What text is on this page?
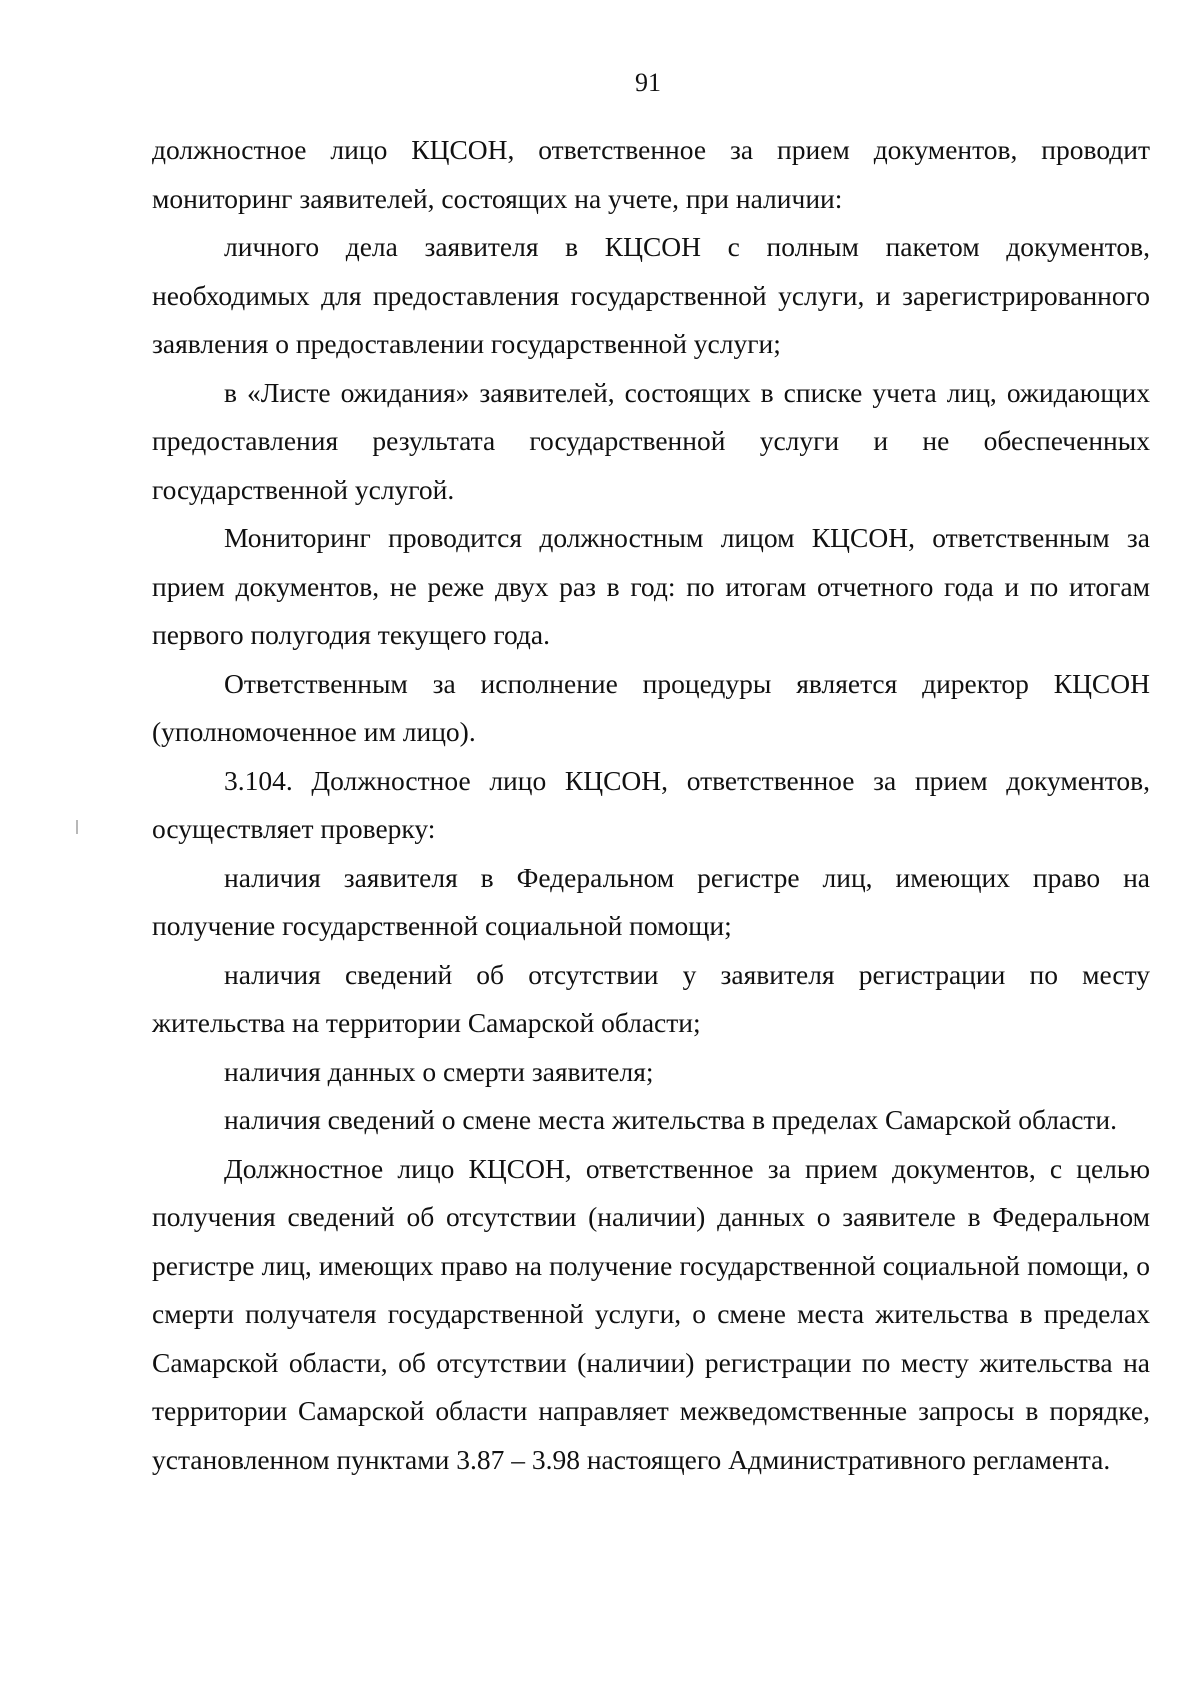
91

должностное лицо КЦСОН, ответственное за прием документов, проводит мониторинг заявителей, состоящих на учете, при наличии:

личного дела заявителя в КЦСОН с полным пакетом документов, необходимых для предоставления государственной услуги, и зарегистрированного заявления о предоставлении государственной услуги;

в «Листе ожидания» заявителей, состоящих в списке учета лиц, ожидающих предоставления результата государственной услуги и не обеспеченных государственной услугой.

Мониторинг проводится должностным лицом КЦСОН, ответственным за прием документов, не реже двух раз в год: по итогам отчетного года и по итогам первого полугодия текущего года.

Ответственным за исполнение процедуры является директор КЦСОН (уполномоченное им лицо).

3.104. Должностное лицо КЦСОН, ответственное за прием документов, осуществляет проверку:

наличия заявителя в Федеральном регистре лиц, имеющих право на получение государственной социальной помощи;

наличия сведений об отсутствии у заявителя регистрации по месту жительства на территории Самарской области;

наличия данных о смерти заявителя;

наличия сведений о смене места жительства в пределах Самарской области.

Должностное лицо КЦСОН, ответственное за прием документов, с целью получения сведений об отсутствии (наличии) данных о заявителе в Федеральном регистре лиц, имеющих право на получение государственной социальной помощи, о смерти получателя государственной услуги, о смене места жительства в пределах Самарской области, об отсутствии (наличии) регистрации по месту жительства на территории Самарской области направляет межведомственные запросы в порядке, установленном пунктами 3.87 – 3.98 настоящего Административного регламента.
